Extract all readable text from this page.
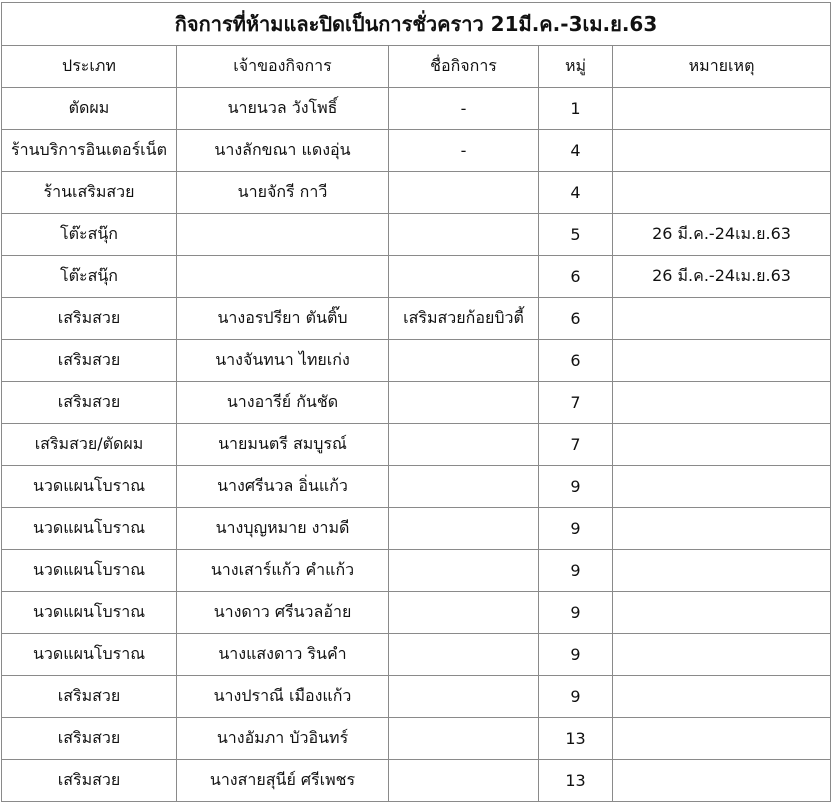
กิจการที่ห้ามและปิดเป็นการชั่วคราว 21มี.ค.-3เม.ย.63				
ประเภท	เจ้าของกิจการ	ชื่อกิจการ	หมู่	หมายเหตุ
ตัดผม	นายนวล วังโพธิ์	-	1	
ร้านบริการอินเตอร์เน็ต	นางลักขณา แดงอุ่น	-	4	
ร้านเสริมสวย	นายจักรี กาวี		4	
โต๊ะสนุ๊ก			5	26 มี.ค.-24เม.ย.63
โต๊ะสนุ๊ก			6	26 มี.ค.-24เม.ย.63
เสริมสวย	นางอรปรียา ตันติ๊บ	เสริมสวยก้อยบิวตี้	6	
เสริมสวย	นางจันทนา ไทยเก่ง		6	
เสริมสวย	นางอารีย์ กันชัด		7	
เสริมสวย/ตัดผม	นายมนตรี สมบูรณ์		7	
นวดแผนโบราณ	นางศรีนวล อิ่นแก้ว		9	
นวดแผนโบราณ	นางบุญหมาย งามดี		9	
นวดแผนโบราณ	นางเสาร์แก้ว คำแก้ว		9	
นวดแผนโบราณ	นางดาว ศรีนวลอ้าย		9	
นวดแผนโบราณ	นางแสงดาว รินคำ		9	
เสริมสวย	นางปราณี เมืองแก้ว		9	
เสริมสวย	นางอัมภา บัวอินทร์		13	
เสริมสวย	นางสายสุนีย์ ศรีเพชร		13	
